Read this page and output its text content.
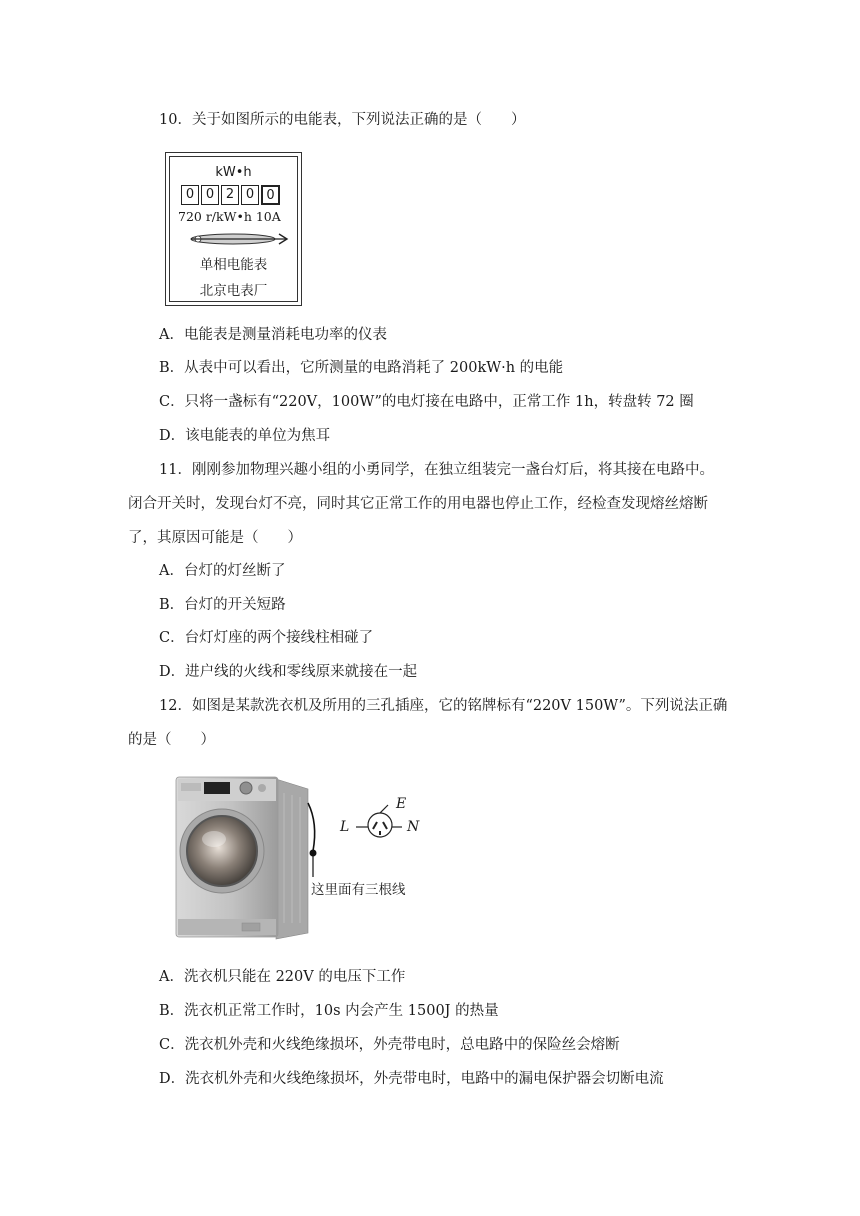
10．关于如图所示的电能表，下列说法正确的是（　　）
kW•h
0 0 2 0 0
720 r/kW•h 10A
单相电能表
北京电表厂
A．电能表是测量消耗电功率的仪表
B．从表中可以看出，它所测量的电路消耗了 200kW·h 的电能
C．只将一盏标有“220V，100W”的电灯接在电路中，正常工作 1h，转盘转 72 圈
D．该电能表的单位为焦耳
11．刚刚参加物理兴趣小组的小勇同学，在独立组装完一盏台灯后，将其接在电路中。
闭合开关时，发现台灯不亮，同时其它正常工作的用电器也停止工作，经检查发现熔丝熔断
了，其原因可能是（　　）
A．台灯的灯丝断了
B．台灯的开关短路
C．台灯灯座的两个接线柱相碰了
D．进户线的火线和零线原来就接在一起
12．如图是某款洗衣机及所用的三孔插座，它的铭牌标有“220V 150W”。下列说法正确
的是（　　）
E
L	N
这里面有三根线
A．洗衣机只能在 220V 的电压下工作
B．洗衣机正常工作时，10s 内会产生 1500J 的热量
C．洗衣机外壳和火线绝缘损坏，外壳带电时，总电路中的保险丝会熔断
D．洗衣机外壳和火线绝缘损坏，外壳带电时，电路中的漏电保护器会切断电流
